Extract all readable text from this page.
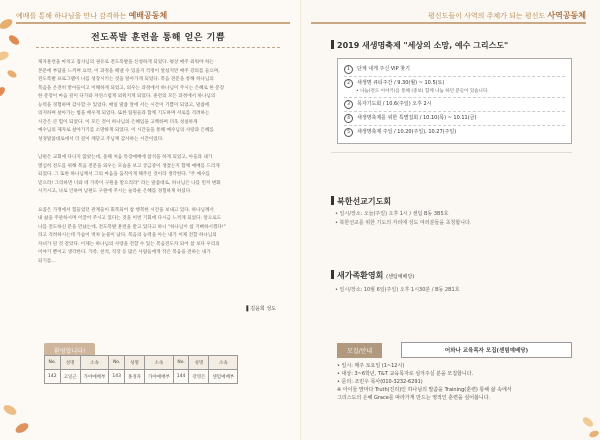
예배를 통해 하나님을 만나 감격하는 예배공동체
전도폭발 훈련을 통해 얻은 기쁨
제자훈련을 마치고 집사님의 권유로 전도폭발을 신청하게 되었다. 평상 매주 외워야 하는
본문에 부담을 느끼며 요약, 이 과정을 해낼 수 있을지 걱정이 앞섰지만 매주 강의를 들으며,
전도폭발 프로그램이 나를 성장시키는 것을 알아가게 되었다. 복음 전문을 통해 하나님의
복음을 온전히 받아들이고 이해하게 되었고, 외우는 과정에서 하나님이 주시는 은혜로 한 문장
한 문장이 마음 깊이 다가와 자연스럽게 외워지게 되었다. 훈련의 모든 과정에서 하나님의
능력을 경험하며 감사할 수 있었다. 매일 말씀 앞에 서는 시간이 기쁨이 되었고, 말씀에
의지하며 살아가는 법을 배우게 되었다. 또한 팀원들과 함께 기도하며 서로를 격려하는
시간은 큰 힘이 되었다. 이 모든 것이 하나님의 은혜임을 고백하며 더욱 성실하게
예수님의 제자로 살아가기를 소망하게 되었다. 이 시간들을 통해 예수님의 사랑과 은혜를
성경말씀대로에서 더 깊이 깨닫고 주님께 감사하는 시간이었다.
남편은 교회에 다니지 않았는데, 올해 처음 특장예배에 참석을 하게 되었고, 아들과 내가
열심히 전도를 위해 복음 전문을 외우는 모습을 보고 궁금증이 생겼는지 함께 예배를 드리게
되었다. 그 또한 하나님께서 그의 마음을 움직이게 해주신 것이라 생각한다. "주 예수를
믿으라! 그리하면 너와 네 가족이 구원을 받으리라" 라는 말씀대로, 하나님은 나를 먼저 변화
시키시고, 나로 인하여 남편도 구원에 주시는 놀라운 은혜를 경험하게 하셨다.
요즘은 가정에서 힘들었던 관계들이 회복되어 참 행복한 시간을 보내고 있다. 하나님께서
내 삶을 주관하시며 이끌어 주시고 있다는 것을 이번 기회에 다시금 느끼게 되었다. 앞으로도
나를 전도하신 분을 만났는데, 전도폭발 훈련을 받고 있다고 하니 "하나님이 참 기뻐하시겠다!"
라고 격려하시는데 가슴이 벅차 눈물이 났다. 복음의 능력을 아는 내가 이제 전할 하나님의
자녀가 된 것 같았다. 이제는 하나님의 사랑을 전할 수 있는 복음전도자 되어 참 보다 우리의
이야기 뿐이고 생각한다. 가족, 친척, 직장 등 많은 사람들에게 작은 복음을 전하는 내가
되기를...
▌김윤희 성도
환영합니다!
No.	성명	소속	No.	성명	소속	No.	성명	소속
142	고일근	가야예배부	143	홍경자	가야예배부	144	강영은	센텀예배부
평신도들이 사역의 주체가 되는 평신도 사역공동체
2019 새생명축제 "세상의 소망, 예수 그리스도"
1 단계 내게 주신 VIP 찾기
2 새생명 큐티주간 / 9.30(월) ~ 10.5(토)
• 나눔(전도 이야기)를 통해 (중보) 함께 나눔 하던 분들이 있습니다.
3 목자기도회 / 10.6(주일) 오후 2시
4 새생명축제를 위한 특별집회 / 10.10(목) ~ 10.11(금)
5 새생명축제 주일 / 10.20(주일), 10.27(주일)
북한선교기도회
• 일시/장소: 오늘(주일) 오후 1시 / 센텀 B동 3B5호
• 북한선교를 위한 기도의 자리에 성도 여러분들을 초청합니다.
새가족환영회 (센텀예배당)
• 일시/장소: 10월 6일(주일) 오후 1시30분 / B동 2B1호
모집/안내	어와나 교육목자 모집(센텀예배당)
• 일시: 매주 토요일 (1~12시)
• 대상: 3~6학년, T&T 교육목자로 섬겨주실 분을 모집합니다.
• 문의: 조민우 목사(010-3232-6291)
※ 아이들 맘마다 Truth(진리)인 하나님의 말씀을 Training(훈련) 통해 삶 속에서
그리스도의 은혜 Grace를 따라가게 만드는 영적인 훈련을 심어봅니다.
